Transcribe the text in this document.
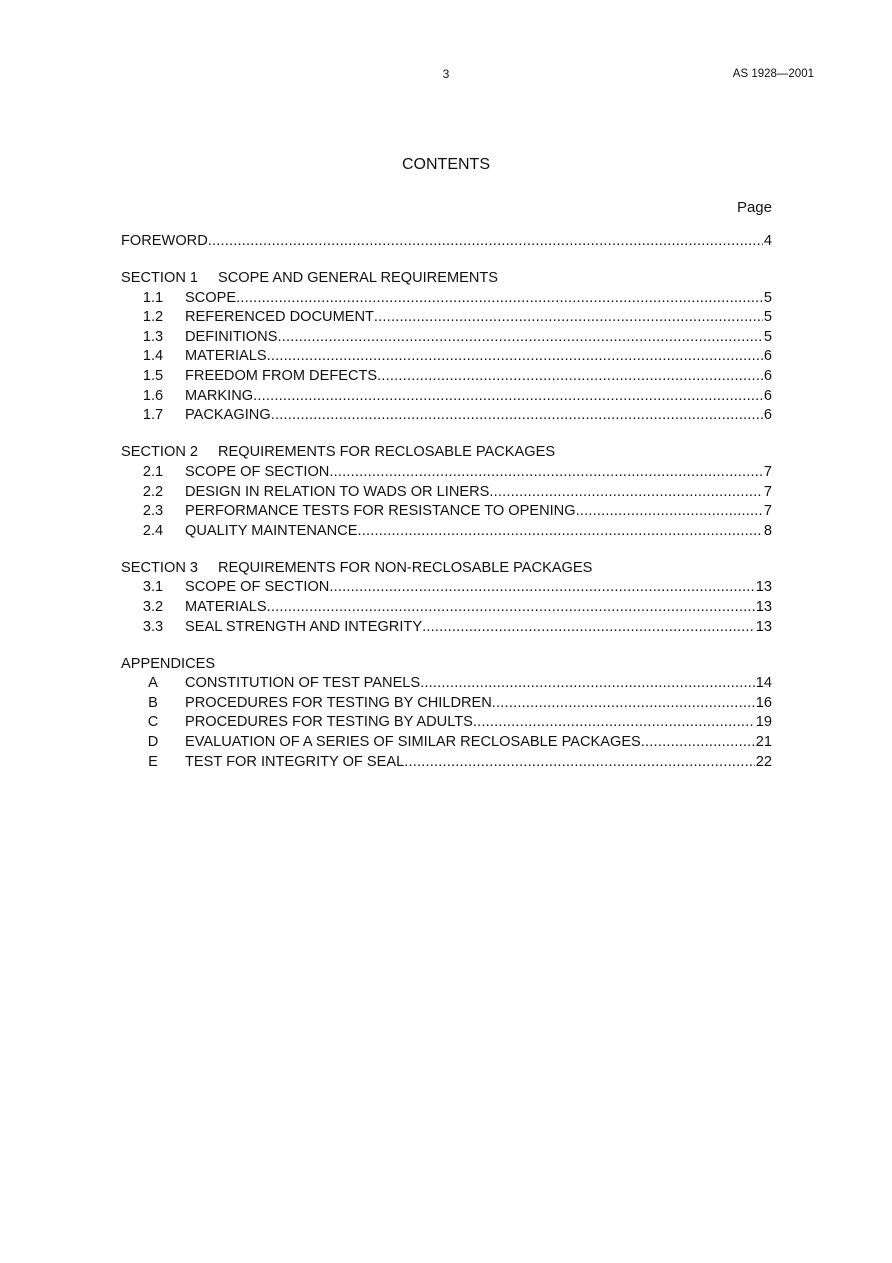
3	AS 1928—2001
CONTENTS
Page
FOREWORD .....	4
SECTION 1 SCOPE AND GENERAL REQUIREMENTS
1.1	SCOPE .....	5
1.2	REFERENCED DOCUMENT .....	5
1.3	DEFINITIONS .....	5
1.4	MATERIALS .....	6
1.5	FREEDOM FROM DEFECTS .....	6
1.6	MARKING .....	6
1.7	PACKAGING .....	6
SECTION 2 REQUIREMENTS FOR RECLOSABLE PACKAGES
2.1	SCOPE OF SECTION .....	7
2.2	DESIGN IN RELATION TO WADS OR LINERS .....	7
2.3	PERFORMANCE TESTS FOR RESISTANCE TO OPENING .....	7
2.4	QUALITY MAINTENANCE .....	8
SECTION 3 REQUIREMENTS FOR NON-RECLOSABLE PACKAGES
3.1	SCOPE OF SECTION .....	13
3.2	MATERIALS .....	13
3.3	SEAL STRENGTH AND INTEGRITY .....	13
APPENDICES
A	CONSTITUTION OF TEST PANELS .....	14
B	PROCEDURES FOR TESTING BY CHILDREN .....	16
C	PROCEDURES FOR TESTING BY ADULTS .....	19
D	EVALUATION OF A SERIES OF SIMILAR RECLOSABLE PACKAGES .....	21
E	TEST FOR INTEGRITY OF SEAL .....	22
